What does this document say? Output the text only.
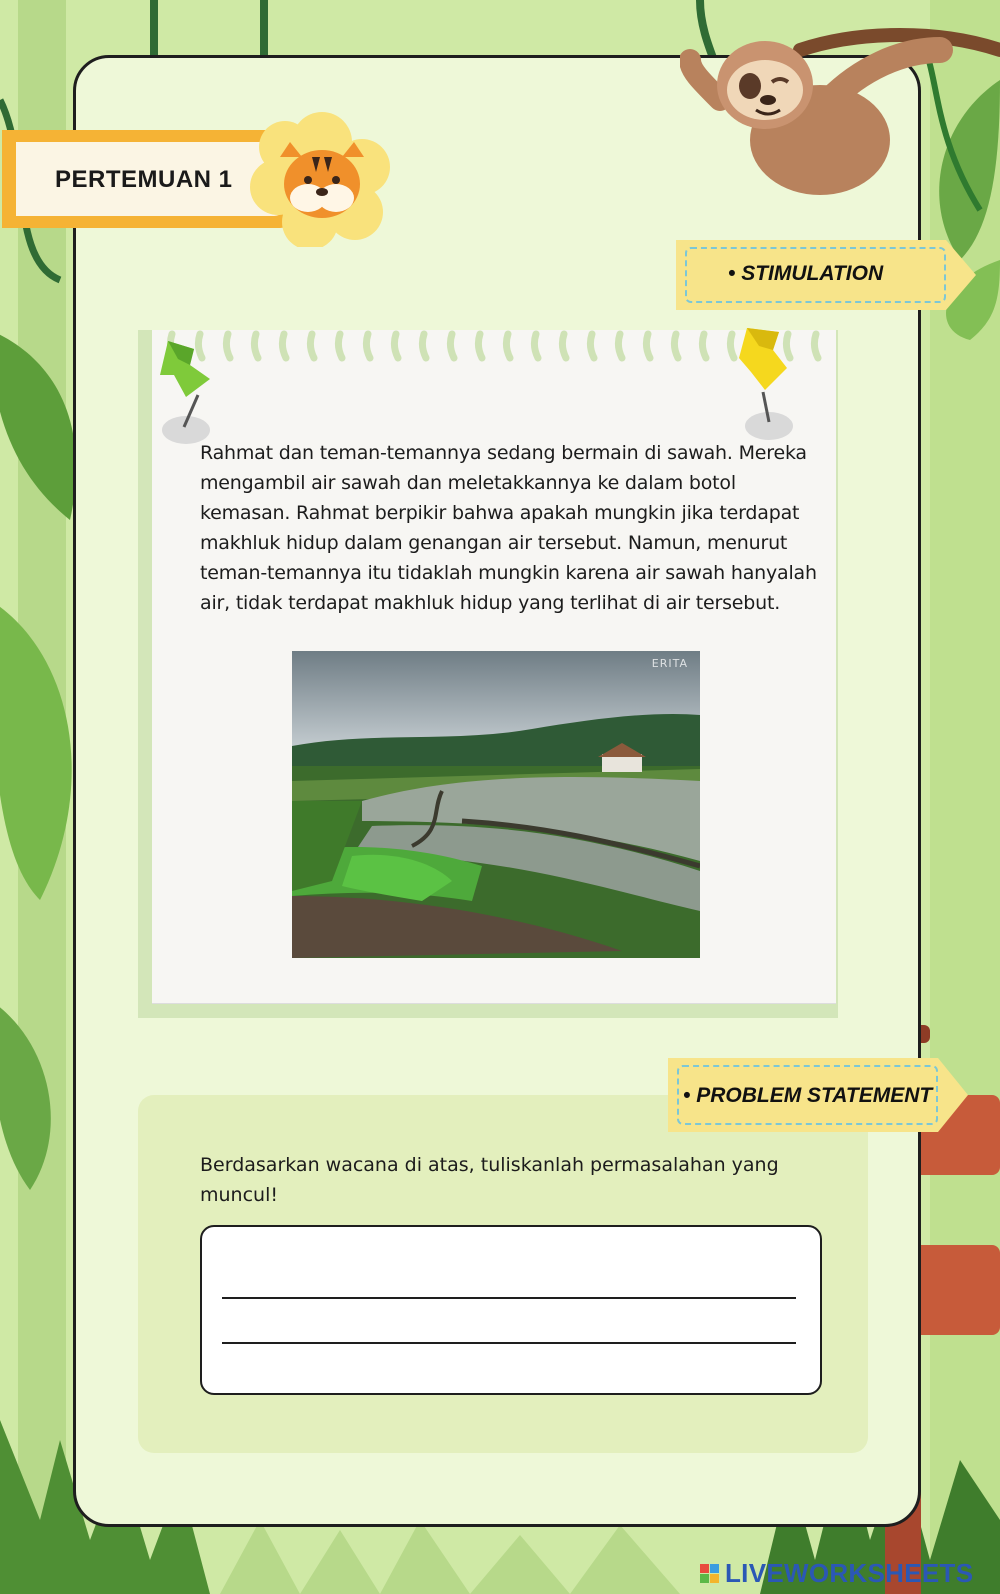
PERTEMUAN 1
• STIMULATION
Rahmat dan teman-temannya sedang bermain di sawah. Mereka mengambil air sawah dan meletakkannya ke dalam botol kemasan. Rahmat berpikir bahwa apakah mungkin jika terdapat makhluk hidup dalam genangan air tersebut. Namun, menurut teman-temannya itu tidaklah mungkin karena air sawah hanyalah air, tidak terdapat makhluk hidup yang terlihat di air tersebut.
ERITA
• PROBLEM STATEMENT
Berdasarkan wacana di atas, tuliskanlah permasalahan yang muncul!
LIVEWORKSHEETS
